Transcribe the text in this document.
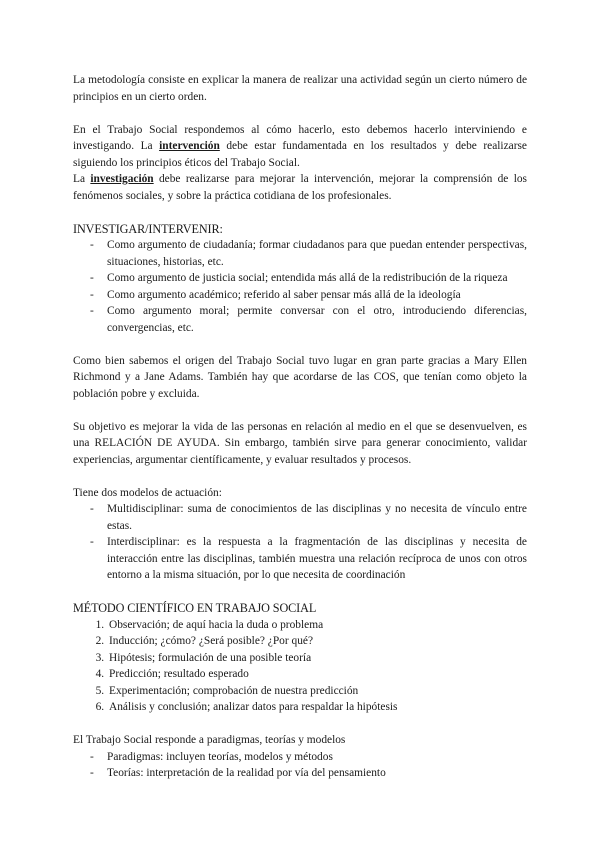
La metodología consiste en explicar la manera de realizar una actividad según un cierto número de principios en un cierto orden.

En el Trabajo Social respondemos al cómo hacerlo, esto debemos hacerlo interviniendo e investigando. La intervención debe estar fundamentada en los resultados y debe realizarse siguiendo los principios éticos del Trabajo Social.

La investigación debe realizarse para mejorar la intervención, mejorar la comprensión de los fenómenos sociales, y sobre la práctica cotidiana de los profesionales.

INVESTIGAR/INTERVENIR:

- Como argumento de ciudadanía; formar ciudadanos para que puedan entender perspectivas, situaciones, historias, etc.
- Como argumento de justicia social; entendida más allá de la redistribución de la riqueza
- Como argumento académico; referido al saber pensar más allá de la ideología
- Como argumento moral; permite conversar con el otro, introduciendo diferencias, convergencias, etc.

Como bien sabemos el origen del Trabajo Social tuvo lugar en gran parte gracias a Mary Ellen Richmond y a Jane Adams. También hay que acordarse de las COS, que tenían como objeto la población pobre y excluida.

Su objetivo es mejorar la vida de las personas en relación al medio en el que se desenvuelven, es una RELACIÓN DE AYUDA. Sin embargo, también sirve para generar conocimiento, validar experiencias, argumentar científicamente, y evaluar resultados y procesos.

Tiene dos modelos de actuación:

- Multidisciplinar: suma de conocimientos de las disciplinas y no necesita de vínculo entre estas.
- Interdisciplinar: es la respuesta a la fragmentación de las disciplinas y necesita de interacción entre las disciplinas, también muestra una relación recíproca de unos con otros entorno a la misma situación, por lo que necesita de coordinación

MÉTODO CIENTÍFICO EN TRABAJO SOCIAL

1. Observación; de aquí hacia la duda o problema
2. Inducción; ¿cómo? ¿Será posible? ¿Por qué?
3. Hipótesis; formulación de una posible teoría
4. Predicción; resultado esperado
5. Experimentación; comprobación de nuestra predicción
6. Análisis y conclusión; analizar datos para respaldar la hipótesis

El Trabajo Social responde a paradigmas, teorías y modelos

- Paradigmas: incluyen teorías, modelos y métodos
- Teorías: interpretación de la realidad por vía del pensamiento
